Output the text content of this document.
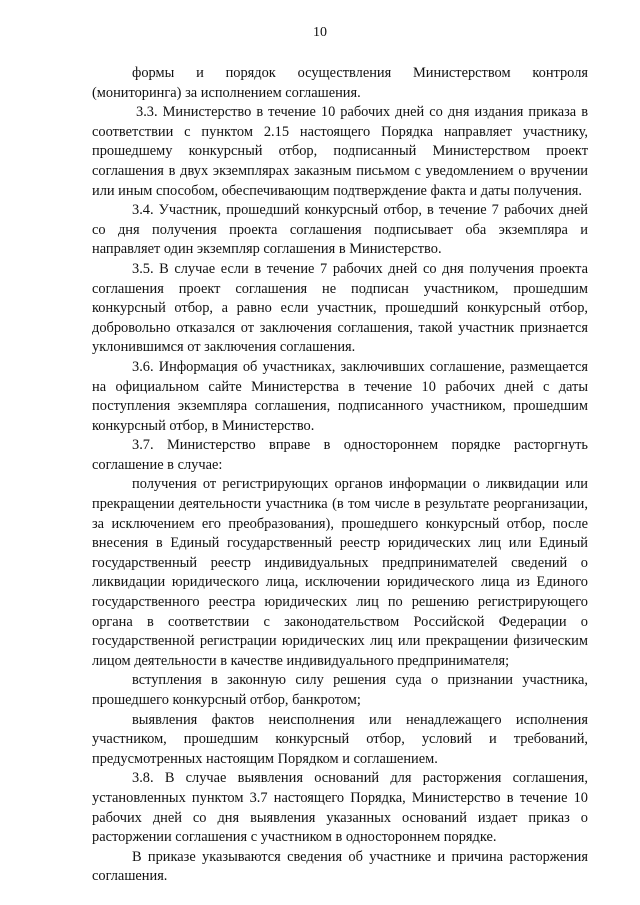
10

формы и порядок осуществления Министерством контроля (мониторинга) за исполнением соглашения.

3.3. Министерство в течение 10 рабочих дней со дня издания приказа в соответствии с пунктом 2.15 настоящего Порядка направляет участнику, прошедшему конкурсный отбор, подписанный Министерством проект соглашения в двух экземплярах заказным письмом с уведомлением о вручении или иным способом, обеспечивающим подтверждение факта и даты получения.

3.4. Участник, прошедший конкурсный отбор, в течение 7 рабочих дней со дня получения проекта соглашения подписывает оба экземпляра и направляет один экземпляр соглашения в Министерство.

3.5. В случае если в течение 7 рабочих дней со дня получения проекта соглашения проект соглашения не подписан участником, прошедшим конкурсный отбор, а равно если участник, прошедший конкурсный отбор, добровольно отказался от заключения соглашения, такой участник признается уклонившимся от заключения соглашения.

3.6. Информация об участниках, заключивших соглашение, размещается на официальном сайте Министерства в течение 10 рабочих дней с даты поступления экземпляра соглашения, подписанного участником, прошедшим конкурсный отбор, в Министерство.

3.7. Министерство вправе в одностороннем порядке расторгнуть соглашение в случае:

получения от регистрирующих органов информации о ликвидации или прекращении деятельности участника (в том числе в результате реорганизации, за исключением его преобразования), прошедшего конкурсный отбор, после внесения в Единый государственный реестр юридических лиц или Единый государственный реестр индивидуальных предпринимателей сведений о ликвидации юридического лица, исключении юридического лица из Единого государственного реестра юридических лиц по решению регистрирующего органа в соответствии с законодательством Российской Федерации о государственной регистрации юридических лиц или прекращении физическим лицом деятельности в качестве индивидуального предпринимателя;

вступления в законную силу решения суда о признании участника, прошедшего конкурсный отбор, банкротом;

выявления фактов неисполнения или ненадлежащего исполнения участником, прошедшим конкурсный отбор, условий и требований, предусмотренных настоящим Порядком и соглашением.

3.8. В случае выявления оснований для расторжения соглашения, установленных пунктом 3.7 настоящего Порядка, Министерство в течение 10 рабочих дней со дня выявления указанных оснований издает приказ о расторжении соглашения с участником в одностороннем порядке.

В приказе указываются сведения об участнике и причина расторжения соглашения.
